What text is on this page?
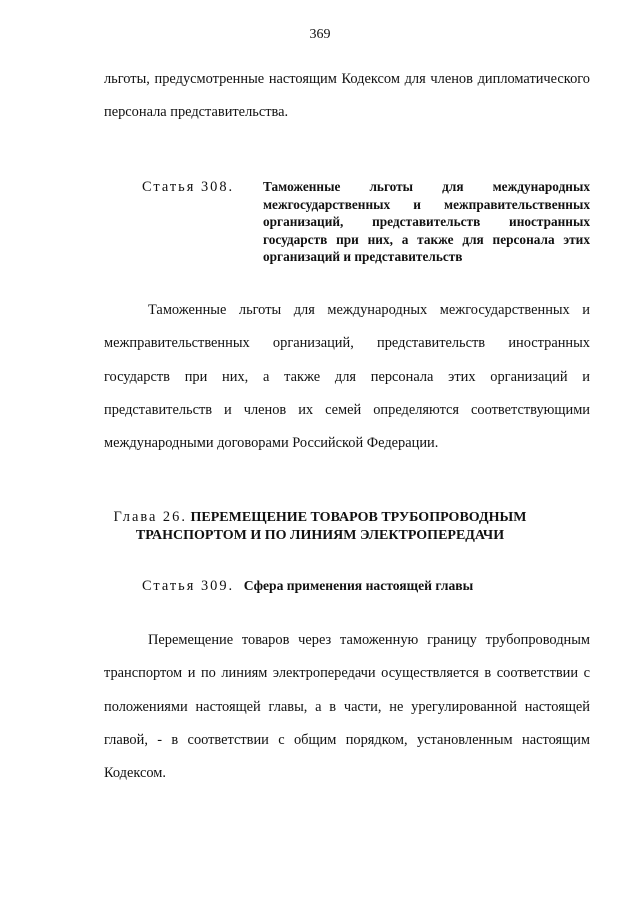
369

льготы, предусмотренные настоящим Кодексом для членов дипломатического персонала представительства.

Статья 308. Таможенные льготы для международных межгосударственных и межправительственных организаций, представительств иностранных государств при них, а также для персонала этих организаций и представительств

Таможенные льготы для международных межгосударственных и межправительственных организаций, представительств иностранных государств при них, а также для персонала этих организаций и представительств и членов их семей определяются соответствующими международными договорами Российской Федерации.

Глава 26. ПЕРЕМЕЩЕНИЕ ТОВАРОВ ТРУБОПРОВОДНЫМ
ТРАНСПОРТОМ И ПО ЛИНИЯМ ЭЛЕКТРОПЕРЕДАЧИ
Статья 309. Сфера применения настоящей главы

Перемещение товаров через таможенную границу трубопроводным транспортом и по линиям электропередачи осуществляется в соответствии с положениями настоящей главы, а в части, не урегулированной настоящей главой, - в соответствии с общим порядком, установленным настоящим Кодексом.
